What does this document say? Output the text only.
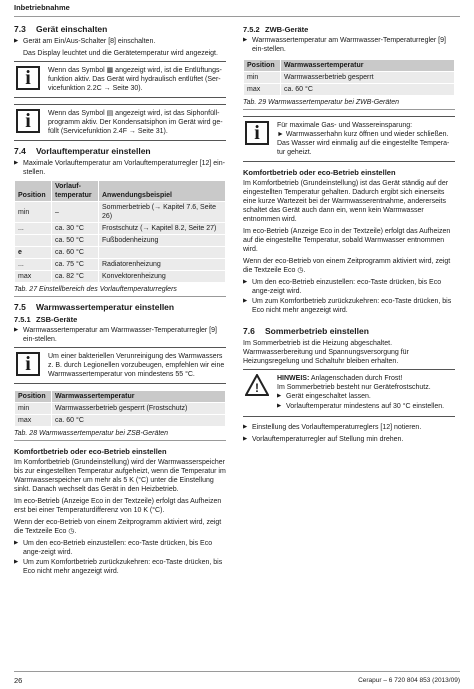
Inbetriebnahme
7.3 Gerät einschalten
▶ Gerät am Ein/Aus-Schalter [8] einschalten.
Das Display leuchtet und die Gerätetemperatur wird angezeigt.
i	Wenn das Symbol ▦ angezeigt wird, ist die Entlüftungs-funktion aktiv. Das Gerät wird hydraulisch entlüftet (Ser-vicefunktion 2.2C → Seite 30).
i	Wenn das Symbol ▤ angezeigt wird, ist das Siphonfüll-programm aktiv. Der Kondensatsiphon im Gerät wird ge-füllt (Servicefunktion 2.4F → Seite 31).
7.4 Vorlauftemperatur einstellen
▶ Maximale Vorlauftemperatur am Vorlauftemperaturregler [12] ein-stellen.
Position	Vorlauf-temperatur	Anwendungsbeispiel
min	–	Sommerbetrieb (→ Kapitel 7.6, Seite 26)
...	ca. 30 °C	Frostschutz (→ Kapitel 8.2, Seite 27)
	ca. 50 °C	Fußbodenheizung
e	ca. 60 °C	
...	ca. 75 °C	Radiatorenheizung
max	ca. 82 °C	Konvektorenheizung
Tab. 27 Einstellbereich des Vorlauftemperaturreglers
7.5 Warmwassertemperatur einstellen
7.5.1 ZSB-Geräte
▶ Warmwassertemperatur am Warmwasser-Temperaturregler [9] ein-stellen.
i	Um einer bakteriellen Verunreinigung des Warmwassers z. B. durch Legionellen vorzubeugen, empfehlen wir eine Warmwassertemperatur von mindestens 55 °C.
Position	Warmwassertemperatur
min	Warmwasserbetrieb gesperrt (Frostschutz)
max	ca. 60 °C
Tab. 28 Warmwassertemperatur bei ZSB-Geräten
Komfortbetrieb oder eco-Betrieb einstellen
Im Komfortbetrieb (Grundeinstellung) wird der Warmwasserspeicher bis zur eingestellten Temperatur aufgeheizt, wenn die Temperatur im Warmwasserspeicher um mehr als 5 K (°C) unter die Einstellung sinkt. Danach wechselt das Gerät in den Heizbetrieb.
Im eco-Betrieb (Anzeige Eco in der Textzeile) erfolgt das Aufheizen erst bei einer Temperaturdifferenz von 10 K (°C).
Wenn der eco-Betrieb von einem Zeitprogramm aktiviert wird, zeigt die Textzeile Eco ◷.
▶ Um den eco-Betrieb einzustellen: eco-Taste drücken, bis Eco ange-zeigt wird.
▶ Um zum Komfortbetrieb zurückzukehren: eco-Taste drücken, bis Eco nicht mehr angezeigt wird.
7.5.2 ZWB-Geräte
▶ Warmwassertemperatur am Warmwasser-Temperaturregler [9] ein-stellen.
Position	Warmwassertemperatur
min	Warmwasserbetrieb gesperrt
max	ca. 60 °C
Tab. 29 Warmwassertemperatur bei ZWB-Geräten
i	Für maximale Gas- und Wassereinsparung:
► Warmwasserhahn kurz öffnen und wieder schließen. Das Wasser wird einmalig auf die eingestellte Tempera-tur geheizt.
Komfortbetrieb oder eco-Betrieb einstellen
Im Komfortbetrieb (Grundeinstellung) ist das Gerät ständig auf der eingestellten Temperatur gehalten. Dadurch ergibt sich einerseits eine kurze Wartezeit bei der Warmwasserentnahme, andererseits schaltet das Gerät auch dann ein, wenn kein Warmwasser entnommen wird.
Im eco-Betrieb (Anzeige Eco in der Textzeile) erfolgt das Aufheizen auf die eingestellte Temperatur, sobald Warmwasser entnommen wird.
Wenn der eco-Betrieb von einem Zeitprogramm aktiviert wird, zeigt die Textzeile Eco ◷.
▶ Um den eco-Betrieb einzustellen: eco-Taste drücken, bis Eco ange-zeigt wird.
▶ Um zum Komfortbetrieb zurückzukehren: eco-Taste drücken, bis Eco nicht mehr angezeigt wird.
7.6 Sommerbetrieb einstellen
Im Sommerbetrieb ist die Heizung abgeschaltet. Warmwasserbereitung und Spannungsversorgung für Heizungsregelung und Schaltuhr bleiben erhalten.
!
HINWEIS: Anlagenschaden durch Frost!
Im Sommerbetrieb besteht nur Gerätefrostschutz.
▶ Gerät eingeschaltet lassen.
▶ Vorlauftemperatur mindestens auf 30 °C einstellen.
▶ Einstellung des Vorlauftemperaturreglers [12] notieren.
▶ Vorlauftemperaturregler auf Stellung min drehen.
26	Cerapur – 6 720 804 853 (2013/09)
